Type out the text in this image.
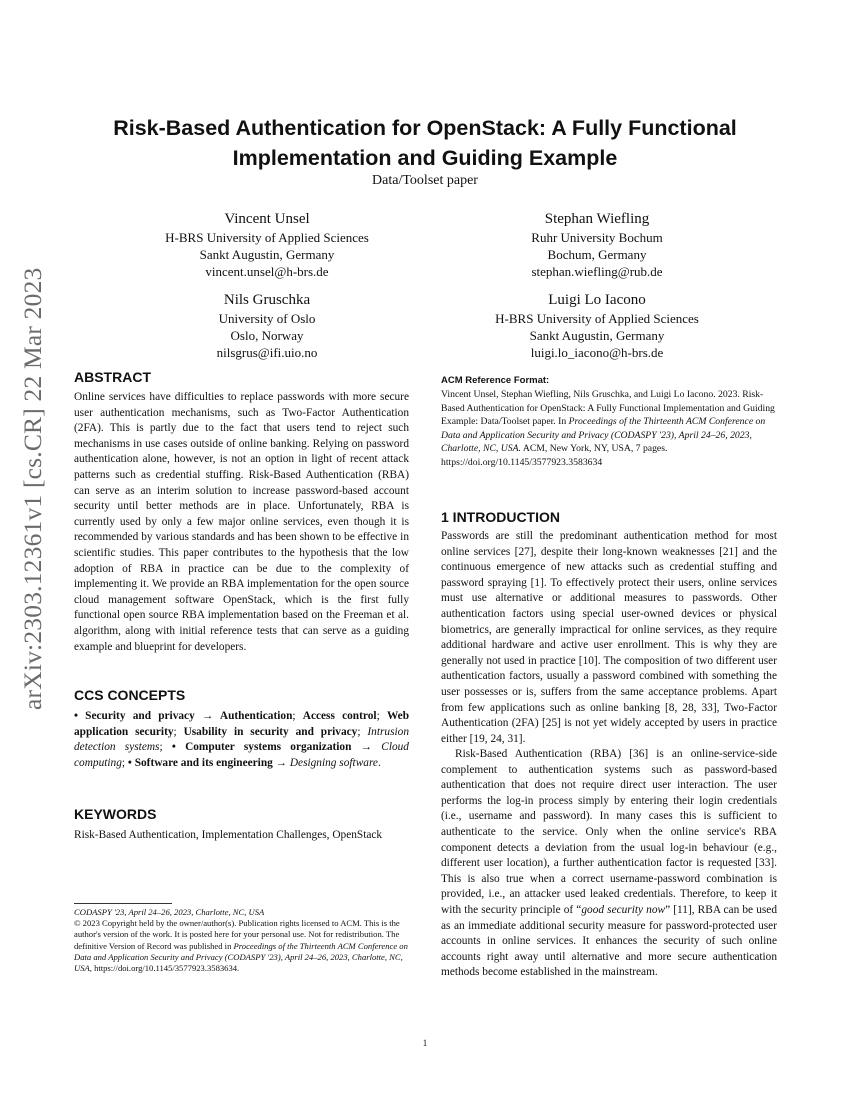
arXiv:2303.12361v1 [cs.CR] 22 Mar 2023
Risk-Based Authentication for OpenStack: A Fully Functional
Implementation and Guiding Example
Data/Toolset paper
Vincent Unsel
H-BRS University of Applied Sciences
Sankt Augustin, Germany
vincent.unsel@h-brs.de
Stephan Wiefling
Ruhr University Bochum
Bochum, Germany
stephan.wiefling@rub.de
Nils Gruschka
University of Oslo
Oslo, Norway
nilsgrus@ifi.uio.no
Luigi Lo Iacono
H-BRS University of Applied Sciences
Sankt Augustin, Germany
luigi.lo_iacono@h-brs.de
ABSTRACT

Online services have difficulties to replace passwords with more secure user authentication mechanisms, such as Two-Factor Authentication (2FA). This is partly due to the fact that users tend to reject such mechanisms in use cases outside of online banking. Relying on password authentication alone, however, is not an option in light of recent attack patterns such as credential stuffing. Risk-Based Authentication (RBA) can serve as an interim solution to increase password-based account security until better methods are in place. Unfortunately, RBA is currently used by only a few major online services, even though it is recommended by various standards and has been shown to be effective in scientific studies. This paper contributes to the hypothesis that the low adoption of RBA in practice can be due to the complexity of implementing it. We provide an RBA implementation for the open source cloud management software OpenStack, which is the first fully functional open source RBA implementation based on the Freeman et al. algorithm, along with initial reference tests that can serve as a guiding example and blueprint for developers.

CCS CONCEPTS

• Security and privacy → Authentication; Access control; Web application security; Usability in security and privacy; Intrusion detection systems; • Computer systems organization → Cloud computing; • Software and its engineering → Designing software.

KEYWORDS

Risk-Based Authentication, Implementation Challenges, OpenStack

CODASPY '23, April 24–26, 2023, Charlotte, NC, USA
© 2023 Copyright held by the owner/author(s). Publication rights licensed to ACM. This is the author's version of the work. It is posted here for your personal use. Not for redistribution. The definitive Version of Record was published in Proceedings of the Thirteenth ACM Conference on Data and Application Security and Privacy (CODASPY '23), April 24–26, 2023, Charlotte, NC, USA, https://doi.org/10.1145/3577923.3583634.

ACM Reference Format:

Vincent Unsel, Stephan Wiefling, Nils Gruschka, and Luigi Lo Iacono. 2023. Risk-Based Authentication for OpenStack: A Fully Functional Implementation and Guiding Example: Data/Toolset paper. In Proceedings of the Thirteenth ACM Conference on Data and Application Security and Privacy (CODASPY '23), April 24–26, 2023, Charlotte, NC, USA. ACM, New York, NY, USA, 7 pages. https://doi.org/10.1145/3577923.3583634

1 INTRODUCTION

Passwords are still the predominant authentication method for most online services [27], despite their long-known weaknesses [21] and the continuous emergence of new attacks such as credential stuffing and password spraying [1]. To effectively protect their users, online services must use alternative or additional measures to passwords. Other authentication factors using special user-owned devices or physical biometrics, are generally impractical for online services, as they require additional hardware and active user enrollment. This is why they are generally not used in practice [10]. The composition of two different user authentication factors, usually a password combined with something the user possesses or is, suffers from the same acceptance problems. Apart from few applications such as online banking [8, 28, 33], Two-Factor Authentication (2FA) [25] is not yet widely accepted by users in practice either [19, 24, 31].

Risk-Based Authentication (RBA) [36] is an online-service-side complement to authentication systems such as password-based authentication that does not require direct user interaction. The user performs the log-in process simply by entering their login credentials (i.e., username and password). In many cases this is sufficient to authenticate to the service. Only when the online service's RBA component detects a deviation from the usual log-in behaviour (e.g., different user location), a further authentication factor is requested [33]. This is also true when a correct username-password combination is provided, i.e., an attacker used leaked credentials. Therefore, to keep it with the security principle of “good security now” [11], RBA can be used as an immediate additional security measure for password-protected user accounts in online services. It enhances the security of such online accounts right away until alternative and more secure authentication methods become established in the mainstream.

1
